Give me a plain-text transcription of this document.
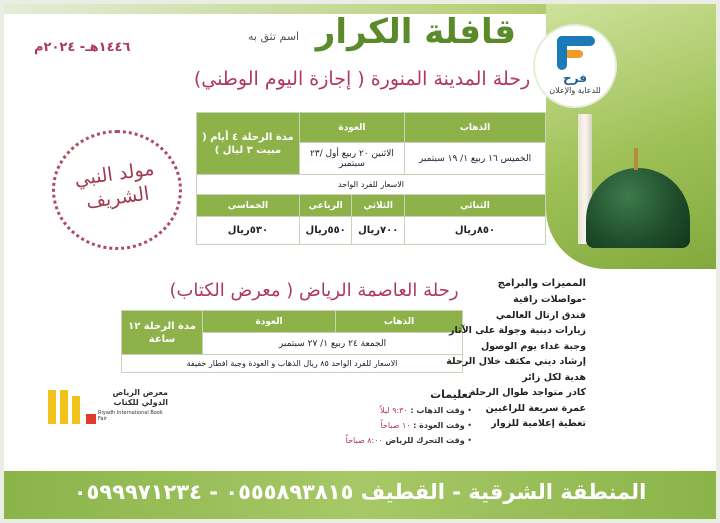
فرح
للدعاية والإعلان
مولد النبي الشريف
قافلة الكرار
اسم تثق به
١٤٤٦هـ- ٢٠٢٤م
رحلة المدينة المنورة ( إجازة اليوم الوطني)
الذهاب	العودة		مدة الرحلة ٤ أيام ( مبيت ٣ ليال )
الخميس ١٦ ربيع ١/ ١٩ سبتمبر	الاثنين ٢٠ ربيع أول /٢٣ سبتمبر		
الاسعار للفرد الواحد			
الثنائي	الثلاثي	الرباعي	الخماسي
٨٥٠ريال	٧٠٠ريال	٥٥٠ريال	٥٣٠ريال
رحلة العاصمة الرياض ( معرض الكتاب)
الذهاب	العودة	مدة الرحلة ١٢ ساعة
الجمعة ٢٤ ربيع ١/ ٢٧ سبتمبر
الاسعار للفرد الواحد ٨٥ ريال الذهاب و العودة وجبة افطار خفيفة
المميزات والبرامج
-مواصلات راقية
فندق ارتال العالمي
زيارات دينية وجولة على الآثار
وجبة غداء يوم الوصول
إرشاد ديني مكثف خلال الرحلة
هدية لكل زائر
كادر متواجد طوال الرحلة
عمرة سريعة للراغبين
تغطية إعلامية للزوار
تعليمات
• وقت الذهاب : ٩:٣٠ ليلاً
• وقت العودة : ١٠ صباحاً
• وقت التحرك للرياض ٨:٠٠ صباحاً
معرض الرياض الدولي للكتاب
Riyadh International Book Fair
المنطقة الشرقية - القطيف ٠٥٥٥٨٩٣٨١٥ - ٠٥٩٩٩٧١٢٣٤
